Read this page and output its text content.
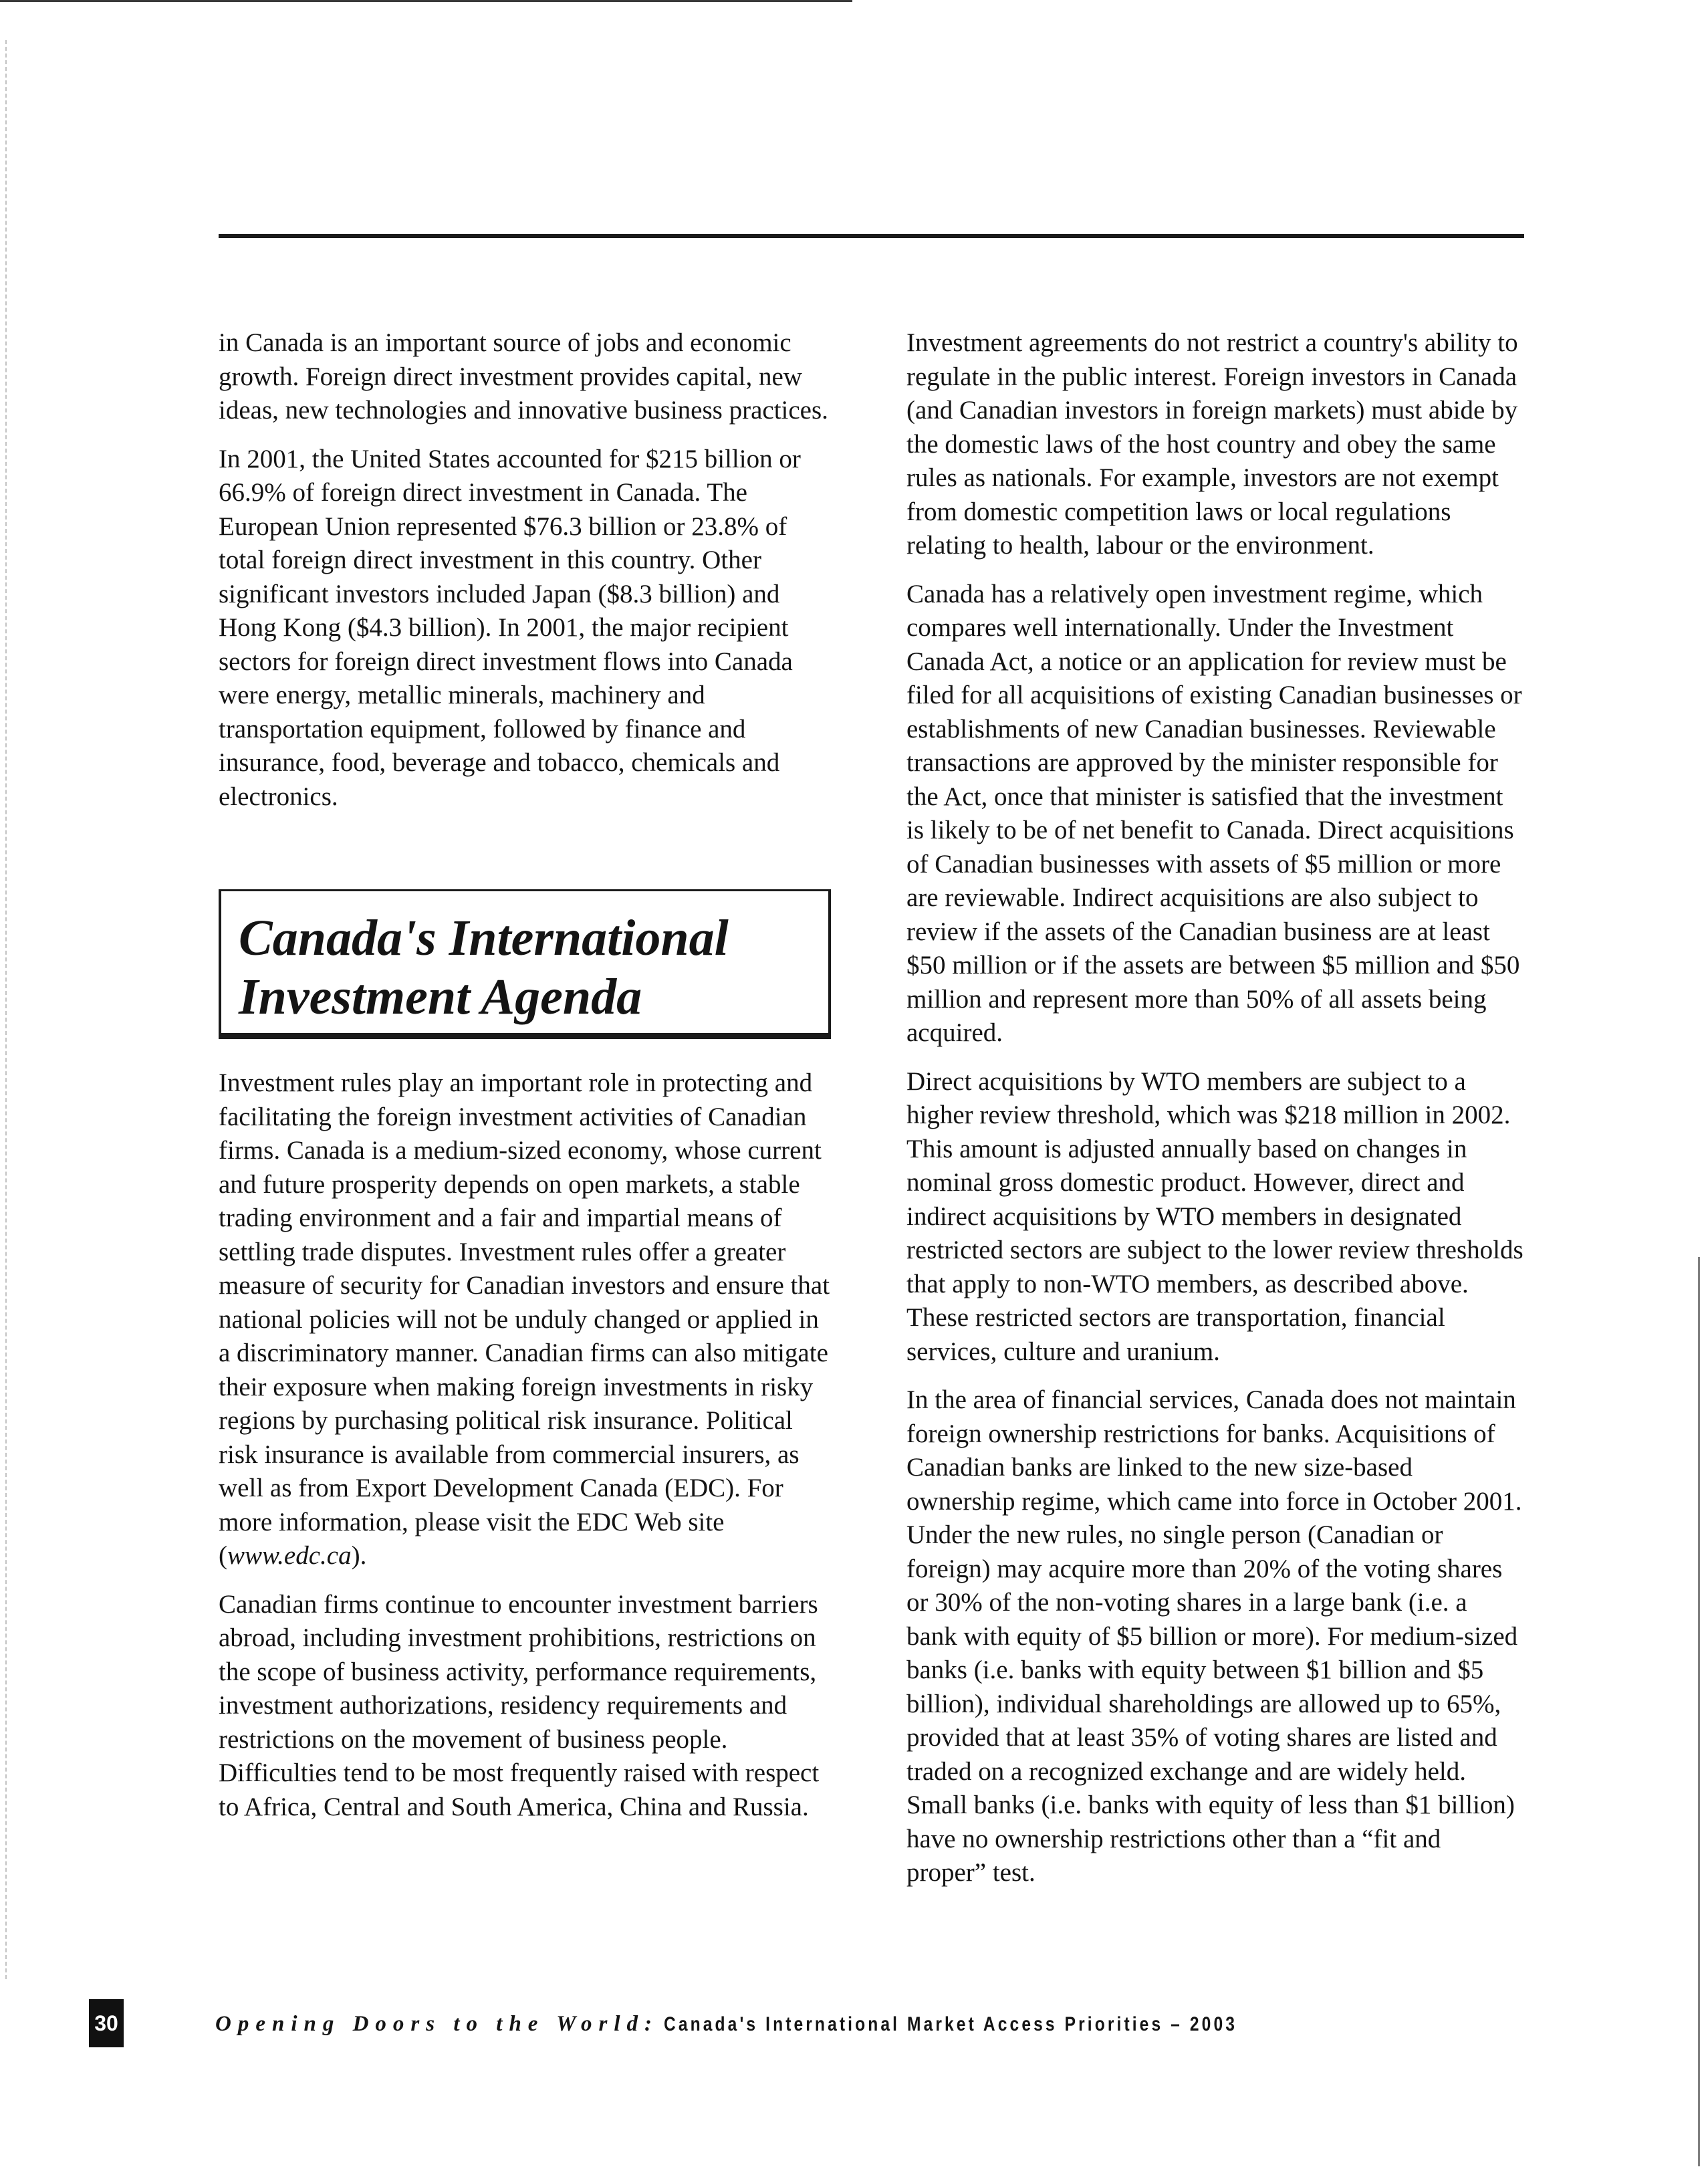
in Canada is an important source of jobs and economic growth. Foreign direct investment provides capital, new ideas, new technologies and innovative business practices.

In 2001, the United States accounted for $215 billion or 66.9% of foreign direct investment in Canada. The European Union represented $76.3 billion or 23.8% of total foreign direct investment in this country. Other significant investors included Japan ($8.3 billion) and Hong Kong ($4.3 billion). In 2001, the major recipient sectors for foreign direct investment flows into Canada were energy, metallic minerals, machinery and transportation equipment, followed by finance and insurance, food, beverage and tobacco, chemicals and electronics.

Canada's International
Investment Agenda

Investment rules play an important role in protecting and facilitating the foreign investment activities of Canadian firms. Canada is a medium-sized economy, whose current and future prosperity depends on open markets, a stable trading environment and a fair and impartial means of settling trade disputes. Investment rules offer a greater measure of security for Canadian investors and ensure that national policies will not be unduly changed or applied in a discriminatory manner. Canadian firms can also mitigate their exposure when making foreign investments in risky regions by purchasing political risk insurance. Political risk insurance is available from commercial insurers, as well as from Export Development Canada (EDC). For more information, please visit the EDC Web site (www.edc.ca).

Canadian firms continue to encounter investment barriers abroad, including investment prohibitions, restrictions on the scope of business activity, performance requirements, investment authorizations, residency requirements and restrictions on the movement of business people. Difficulties tend to be most frequently raised with respect to Africa, Central and South America, China and Russia.

Investment agreements do not restrict a country's ability to regulate in the public interest. Foreign investors in Canada (and Canadian investors in foreign markets) must abide by the domestic laws of the host country and obey the same rules as nationals. For example, investors are not exempt from domestic competition laws or local regulations relating to health, labour or the environment.

Canada has a relatively open investment regime, which compares well internationally. Under the Investment Canada Act, a notice or an application for review must be filed for all acquisitions of existing Canadian businesses or establishments of new Canadian businesses. Reviewable transactions are approved by the minister responsible for the Act, once that minister is satisfied that the investment is likely to be of net benefit to Canada. Direct acquisitions of Canadian businesses with assets of $5 million or more are reviewable. Indirect acquisitions are also subject to review if the assets of the Canadian business are at least $50 million or if the assets are between $5 million and $50 million and represent more than 50% of all assets being acquired.

Direct acquisitions by WTO members are subject to a higher review threshold, which was $218 million in 2002. This amount is adjusted annually based on changes in nominal gross domestic product. However, direct and indirect acquisitions by WTO members in designated restricted sectors are subject to the lower review thresholds that apply to non-WTO members, as described above. These restricted sectors are transportation, financial services, culture and uranium.

In the area of financial services, Canada does not maintain foreign ownership restrictions for banks. Acquisitions of Canadian banks are linked to the new size-based ownership regime, which came into force in October 2001. Under the new rules, no single person (Canadian or foreign) may acquire more than 20% of the voting shares or 30% of the non-voting shares in a large bank (i.e. a bank with equity of $5 billion or more). For medium-sized banks (i.e. banks with equity between $1 billion and $5 billion), individual shareholdings are allowed up to 65%, provided that at least 35% of voting shares are listed and traded on a recognized exchange and are widely held. Small banks (i.e. banks with equity of less than $1 billion) have no ownership restrictions other than a “fit and proper” test.

30	Opening Doors to the World: Canada's International Market Access Priorities – 2003
